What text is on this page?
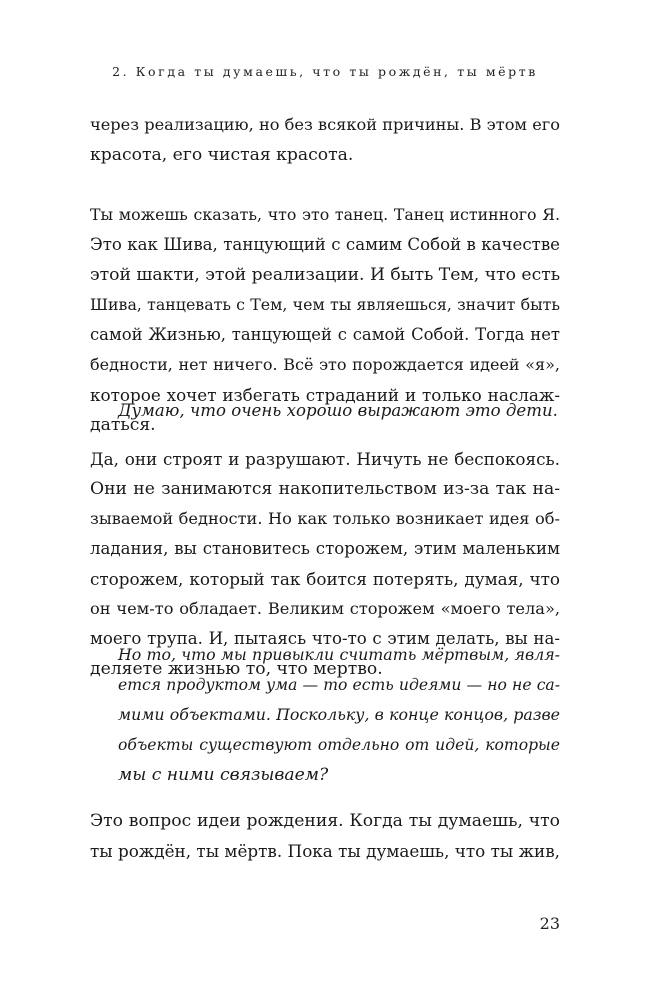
2. Когда ты думаешь, что ты рождён, ты мёртв
через реализацию, но без всякой причины. В этом его
красота, его чистая красота.
Ты можешь сказать, что это танец. Танец истинного Я.
Это как Шива, танцующий с самим Собой в качестве
этой шакти, этой реализации. И быть Тем, что есть
Шива, танцевать с Тем, чем ты являешься, значит быть
самой Жизнью, танцующей с самой Собой. Тогда нет
бедности, нет ничего. Всё это порождается идеей «я»,
которое хочет избегать страданий и только наслаж-
даться.
Думаю, что очень хорошо выражают это дети.
Да, они строят и разрушают. Ничуть не беспокоясь.
Они не занимаются накопительством из-за так на-
зываемой бедности. Но как только возникает идея об-
ладания, вы становитесь сторожем, этим маленьким
сторожем, который так боится потерять, думая, что
он чем-то обладает. Великим сторожем «моего тела»,
моего трупа. И, пытаясь что-то с этим делать, вы на-
деляете жизнью то, что мертво.
Но то, что мы привыкли считать мёртвым, явля-
ется продуктом ума — то есть идеями — но не са-
мими объектами. Поскольку, в конце концов, разве
объекты существуют отдельно от идей, которые
мы с ними связываем?
Это вопрос идеи рождения. Когда ты думаешь, что
ты рождён, ты мёртв. Пока ты думаешь, что ты жив,
23
